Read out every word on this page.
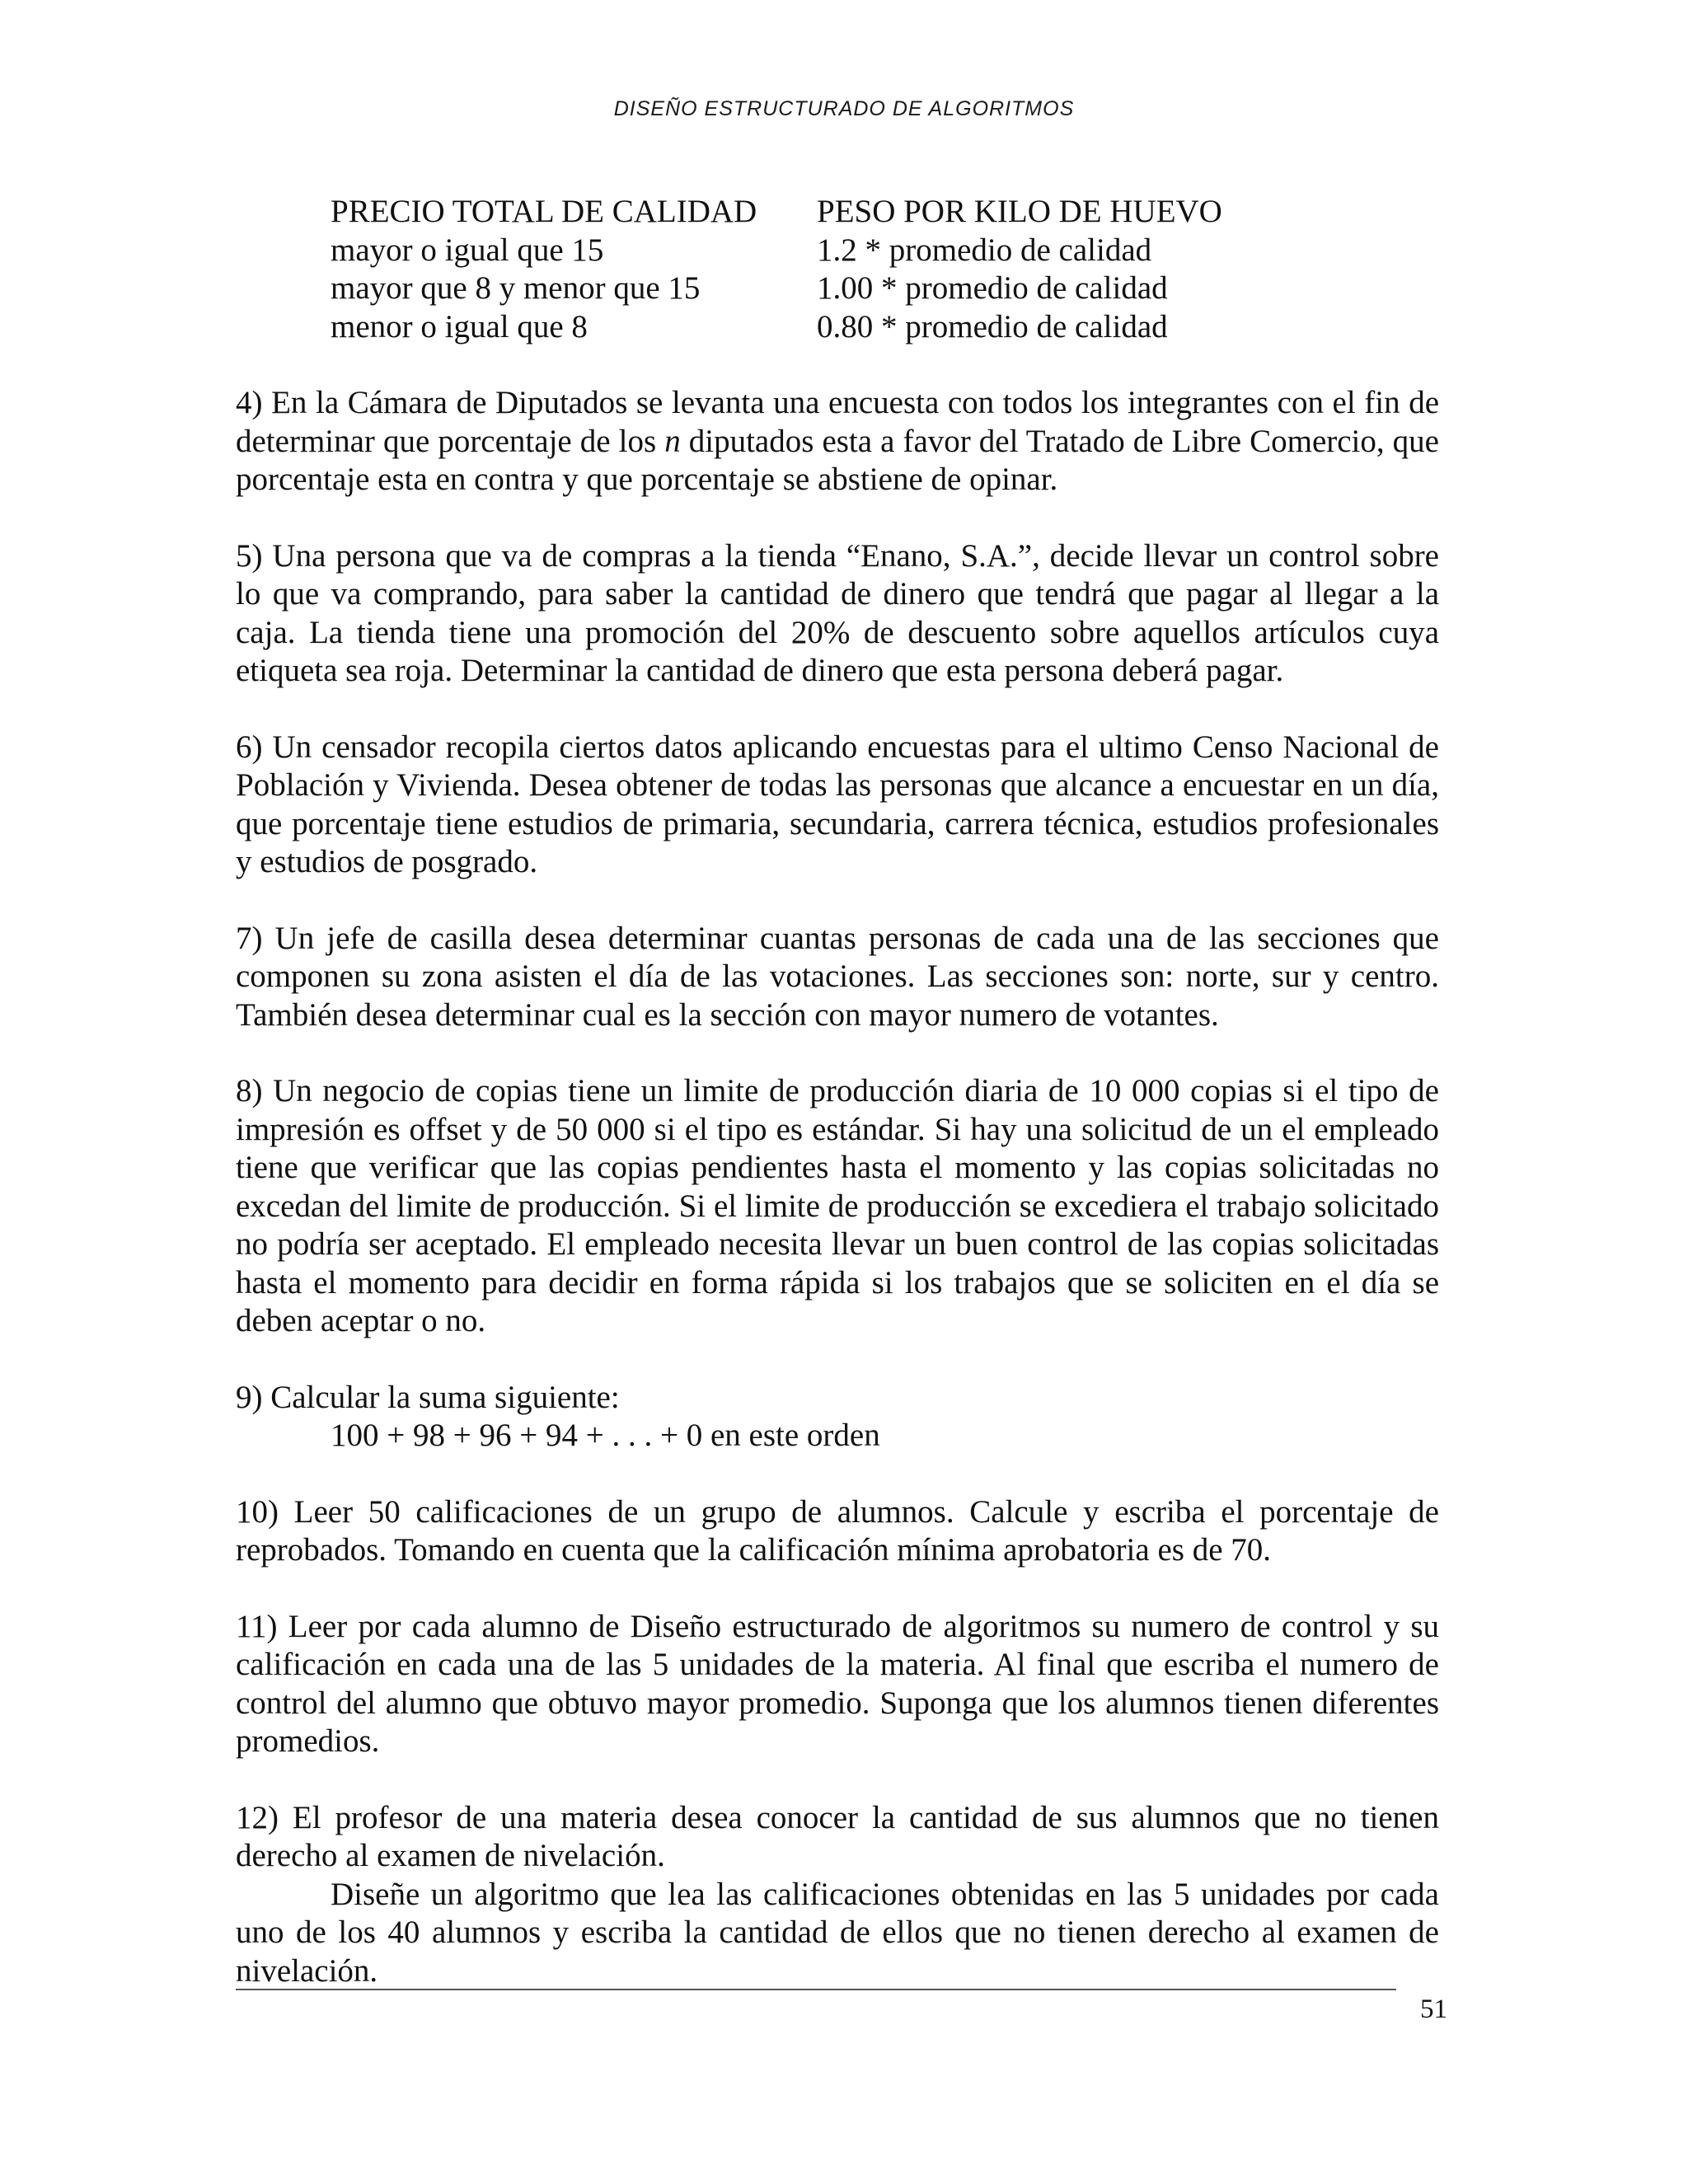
DISEÑO ESTRUCTURADO DE ALGORITMOS
PRECIO TOTAL DE CALIDAD	PESO POR KILO DE HUEVO
mayor o igual que 15	1.2 * promedio de calidad
mayor que 8 y menor que 15	1.00 * promedio de calidad
menor o igual que 8	0.80 * promedio de calidad

4) En la Cámara de Diputados se levanta una encuesta con todos los integrantes con el fin de determinar que porcentaje de los n diputados esta a favor del Tratado de Libre Comercio, que porcentaje esta en contra y que porcentaje se abstiene de opinar.

5) Una persona que va de compras a la tienda “Enano, S.A.”, decide llevar un control sobre lo que va comprando, para saber la cantidad de dinero que tendrá que pagar al llegar a la caja. La tienda tiene una promoción del 20% de descuento sobre aquellos artículos cuya etiqueta sea roja. Determinar la cantidad de dinero que esta persona deberá pagar.

6) Un censador recopila ciertos datos aplicando encuestas para el ultimo Censo Nacional de Población y Vivienda. Desea obtener de todas las personas que alcance a encuestar en un día, que porcentaje tiene estudios de primaria, secundaria, carrera técnica, estudios profesionales y estudios de posgrado.

7) Un jefe de casilla desea determinar cuantas personas de cada una de las secciones que componen su zona asisten el día de las votaciones. Las secciones son: norte, sur y centro. También desea determinar cual es la sección con mayor numero de votantes.

8) Un negocio de copias tiene un limite de producción diaria de 10 000 copias si el tipo de impresión es offset y de 50 000 si el tipo es estándar. Si hay una solicitud de un el empleado tiene que verificar que las copias pendientes hasta el momento y las copias solicitadas no excedan del limite de producción. Si el limite de producción se excediera el trabajo solicitado no podría ser aceptado. El empleado necesita llevar un buen control de las copias solicitadas hasta el momento para decidir en forma rápida si los trabajos que se soliciten en el día se deben aceptar o no.

9) Calcular la suma siguiente:
100 + 98 + 96 + 94 + . . . + 0 en este orden

10) Leer 50 calificaciones de un grupo de alumnos. Calcule y escriba el porcentaje de reprobados. Tomando en cuenta que la calificación mínima aprobatoria es de 70.

11) Leer por cada alumno de Diseño estructurado de algoritmos su numero de control y su calificación en cada una de las 5 unidades de la materia. Al final que escriba el numero de control del alumno que obtuvo mayor promedio. Suponga que los alumnos tienen diferentes promedios.

12) El profesor de una materia desea conocer la cantidad de sus alumnos que no tienen derecho al examen de nivelación.

Diseñe un algoritmo que lea las calificaciones obtenidas en las 5 unidades por cada uno de los 40 alumnos y escriba la cantidad de ellos que no tienen derecho al examen de nivelación.

51
